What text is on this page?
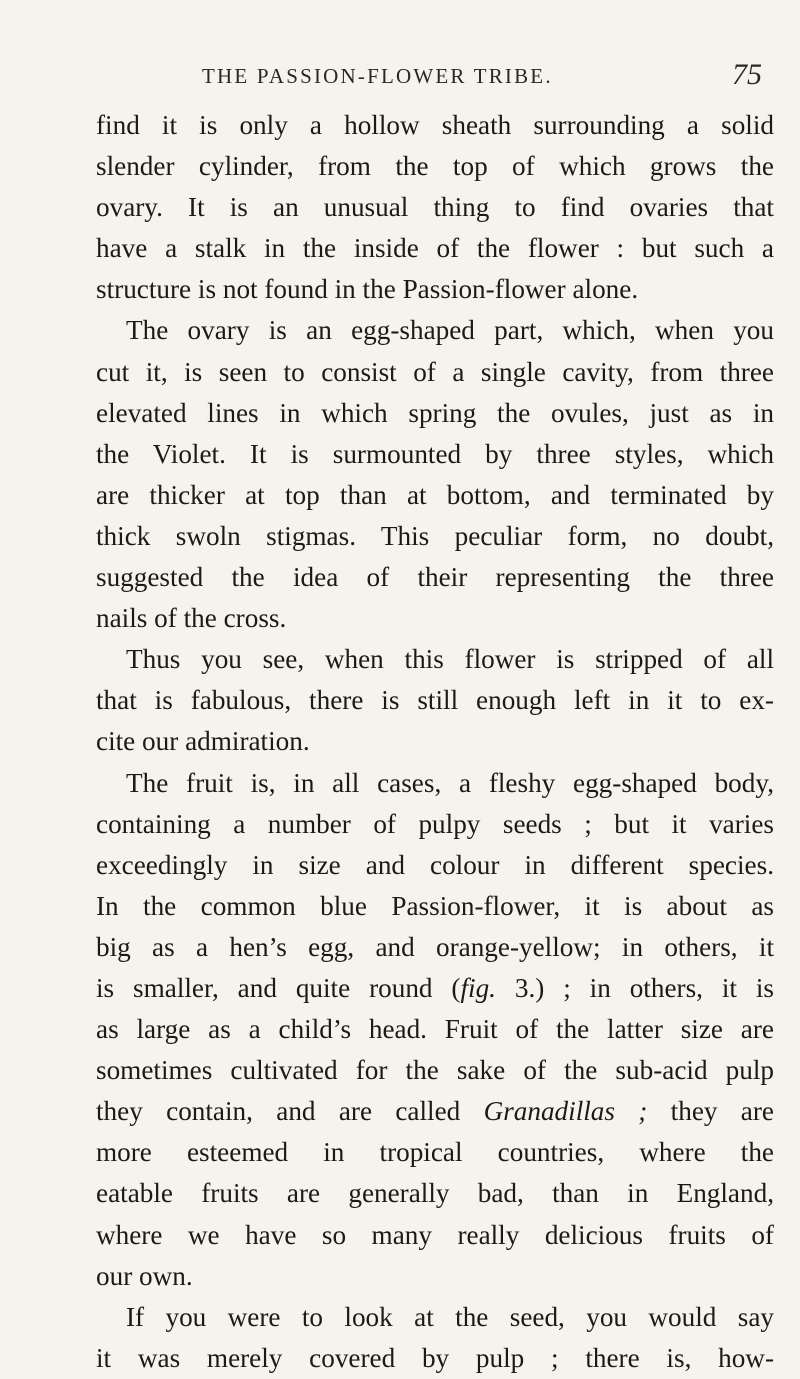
THE PASSION-FLOWER TRIBE.	75
find it is only a hollow sheath surrounding a solid
slender cylinder, from the top of which grows the
ovary. It is an unusual thing to find ovaries that
have a stalk in the inside of the flower : but such a
structure is not found in the Passion-flower alone.
The ovary is an egg-shaped part, which, when you
cut it, is seen to consist of a single cavity, from three
elevated lines in which spring the ovules, just as in
the Violet. It is surmounted by three styles, which
are thicker at top than at bottom, and terminated by
thick swoln stigmas. This peculiar form, no doubt,
suggested the idea of their representing the three
nails of the cross.
Thus you see, when this flower is stripped of all
that is fabulous, there is still enough left in it to ex-
cite our admiration.
The fruit is, in all cases, a fleshy egg-shaped body,
containing a number of pulpy seeds ; but it varies
exceedingly in size and colour in different species.
In the common blue Passion-flower, it is about as
big as a hen’s egg, and orange-yellow; in others, it
is smaller, and quite round (fig. 3.) ; in others, it is
as large as a child’s head. Fruit of the latter size are
sometimes cultivated for the sake of the sub-acid pulp
they contain, and are called Granadillas ; they are
more esteemed in tropical countries, where the
eatable fruits are generally bad, than in England,
where we have so many really delicious fruits of
our own.
If you were to look at the seed, you would say
it was merely covered by pulp ; there is, how-
